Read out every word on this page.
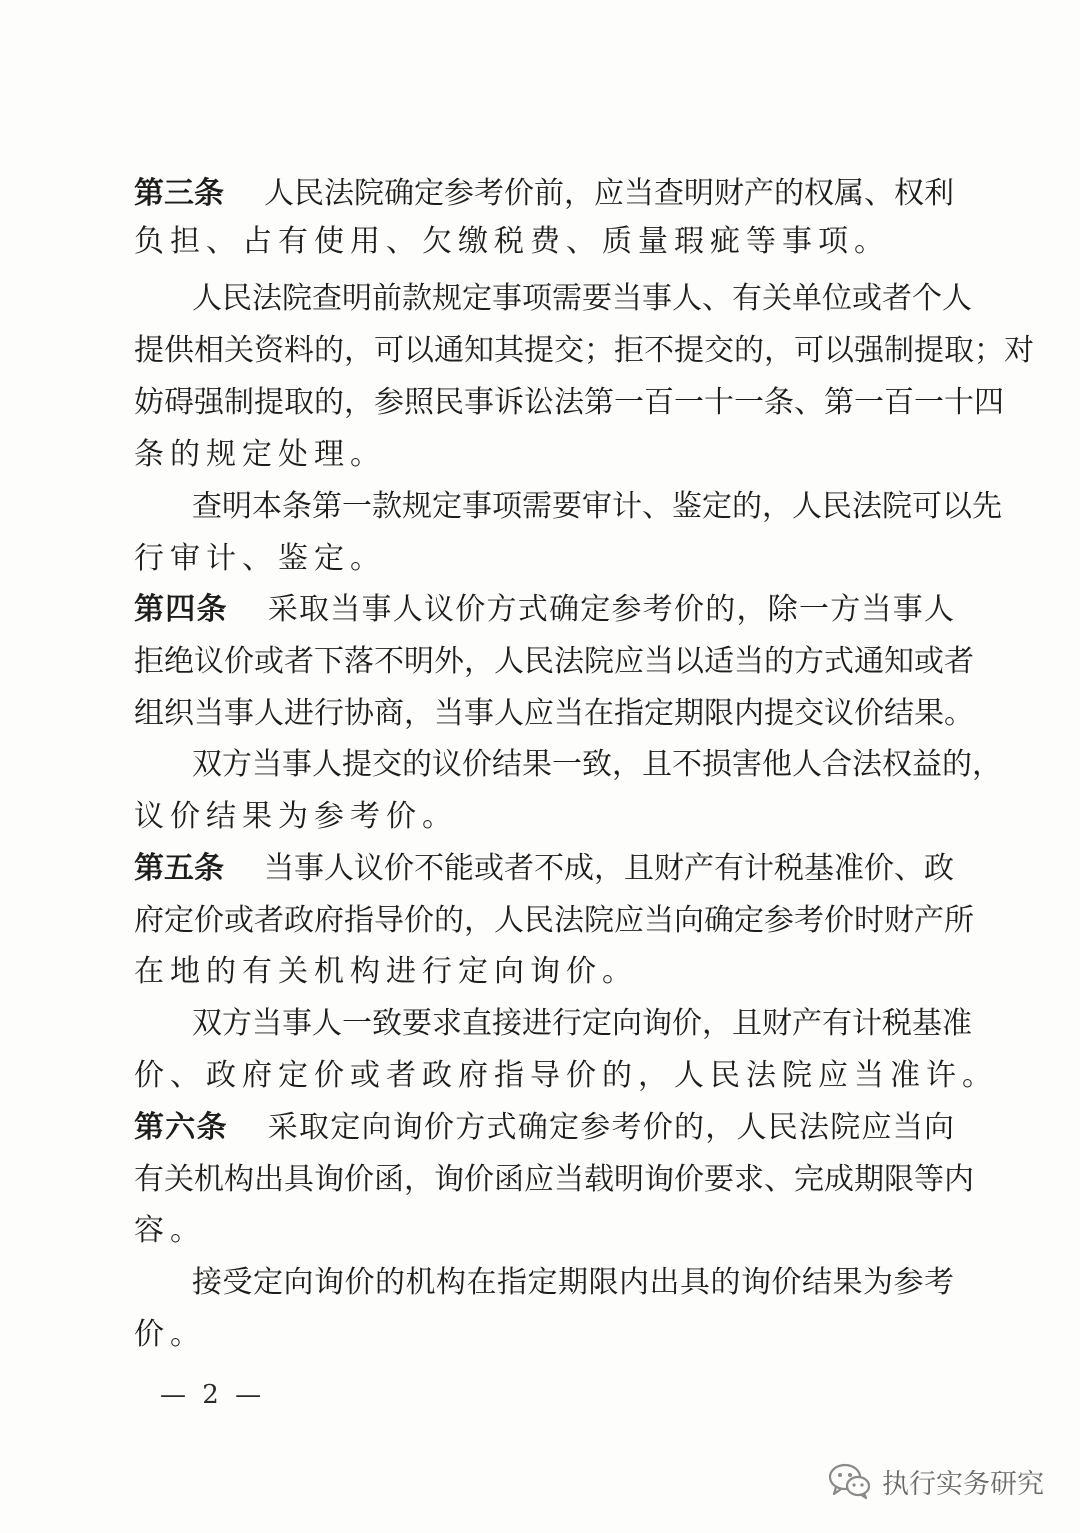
第三条 人民法院确定参考价前，应当查明财产的权属、权利
负担、占有使用、欠缴税费、质量瑕疵等事项。
人民法院查明前款规定事项需要当事人、有关单位或者个人
提供相关资料的，可以通知其提交；拒不提交的，可以强制提取；对
妨碍强制提取的，参照民事诉讼法第一百一十一条、第一百一十四
条的规定处理。
查明本条第一款规定事项需要审计、鉴定的，人民法院可以先
行审计、鉴定。
第四条 采取当事人议价方式确定参考价的，除一方当事人
拒绝议价或者下落不明外，人民法院应当以适当的方式通知或者
组织当事人进行协商，当事人应当在指定期限内提交议价结果。
双方当事人提交的议价结果一致，且不损害他人合法权益的，
议价结果为参考价。
第五条 当事人议价不能或者不成，且财产有计税基准价、政
府定价或者政府指导价的，人民法院应当向确定参考价时财产所
在地的有关机构进行定向询价。
双方当事人一致要求直接进行定向询价，且财产有计税基准
价、政府定价或者政府指导价的，人民法院应当准许。
第六条 采取定向询价方式确定参考价的，人民法院应当向
有关机构出具询价函，询价函应当载明询价要求、完成期限等内
容。
接受定向询价的机构在指定期限内出具的询价结果为参考
价。
— 2 —
执行实务研究
